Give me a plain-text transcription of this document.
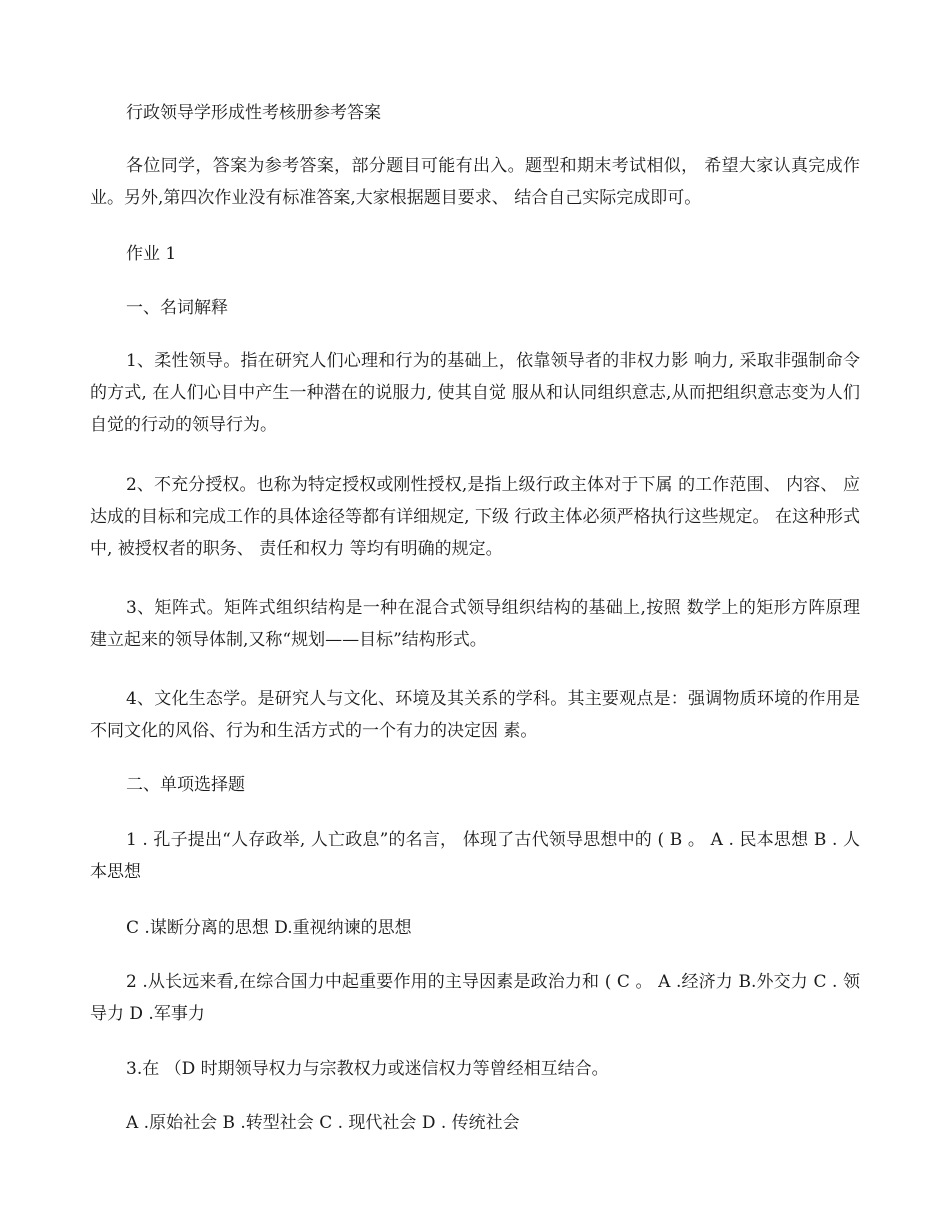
行政领导学形成性考核册参考答案

各位同学，答案为参考答案，部分题目可能有出入。题型和期末考试相似， 希望大家认真完成作业。另外,第四次作业没有标准答案,大家根据题目要求、 结合自己实际完成即可。

作业 1

一、名词解释

1、柔性领导。指在研究人们心理和行为的基础上，依靠领导者的非权力影 响力, 采取非强制命令的方式, 在人们心目中产生一种潜在的说服力, 使其自觉 服从和认同组织意志,从而把组织意志变为人们自觉的行动的领导行为。

2、不充分授权。也称为特定授权或刚性授权,是指上级行政主体对于下属 的工作范围、 内容、 应达成的目标和完成工作的具体途径等都有详细规定, 下级 行政主体必须严格执行这些规定。 在这种形式中, 被授权者的职务、 责任和权力 等均有明确的规定。

3、矩阵式。矩阵式组织结构是一种在混合式领导组织结构的基础上,按照 数学上的矩形方阵原理建立起来的领导体制,又称“规划——目标”结构形式。

4、文化生态学。是研究人与文化、环境及其关系的学科。其主要观点是：强调物质环境的作用是不同文化的风俗、行为和生活方式的一个有力的决定因 素。

二、单项选择题

1 . 孔子提出“人存政举, 人亡政息”的名言， 体现了古代领导思想中的 ( B 。 A . 民本思想 B . 人本思想

C .谋断分离的思想 D.重视纳谏的思想

2 .从长远来看,在综合国力中起重要作用的主导因素是政治力和 ( C 。 A .经济力 B.外交力 C . 领导力 D .军事力

3.在 （D 时期领导权力与宗教权力或迷信权力等曾经相互结合。

A .原始社会 B .转型社会 C . 现代社会 D . 传统社会
